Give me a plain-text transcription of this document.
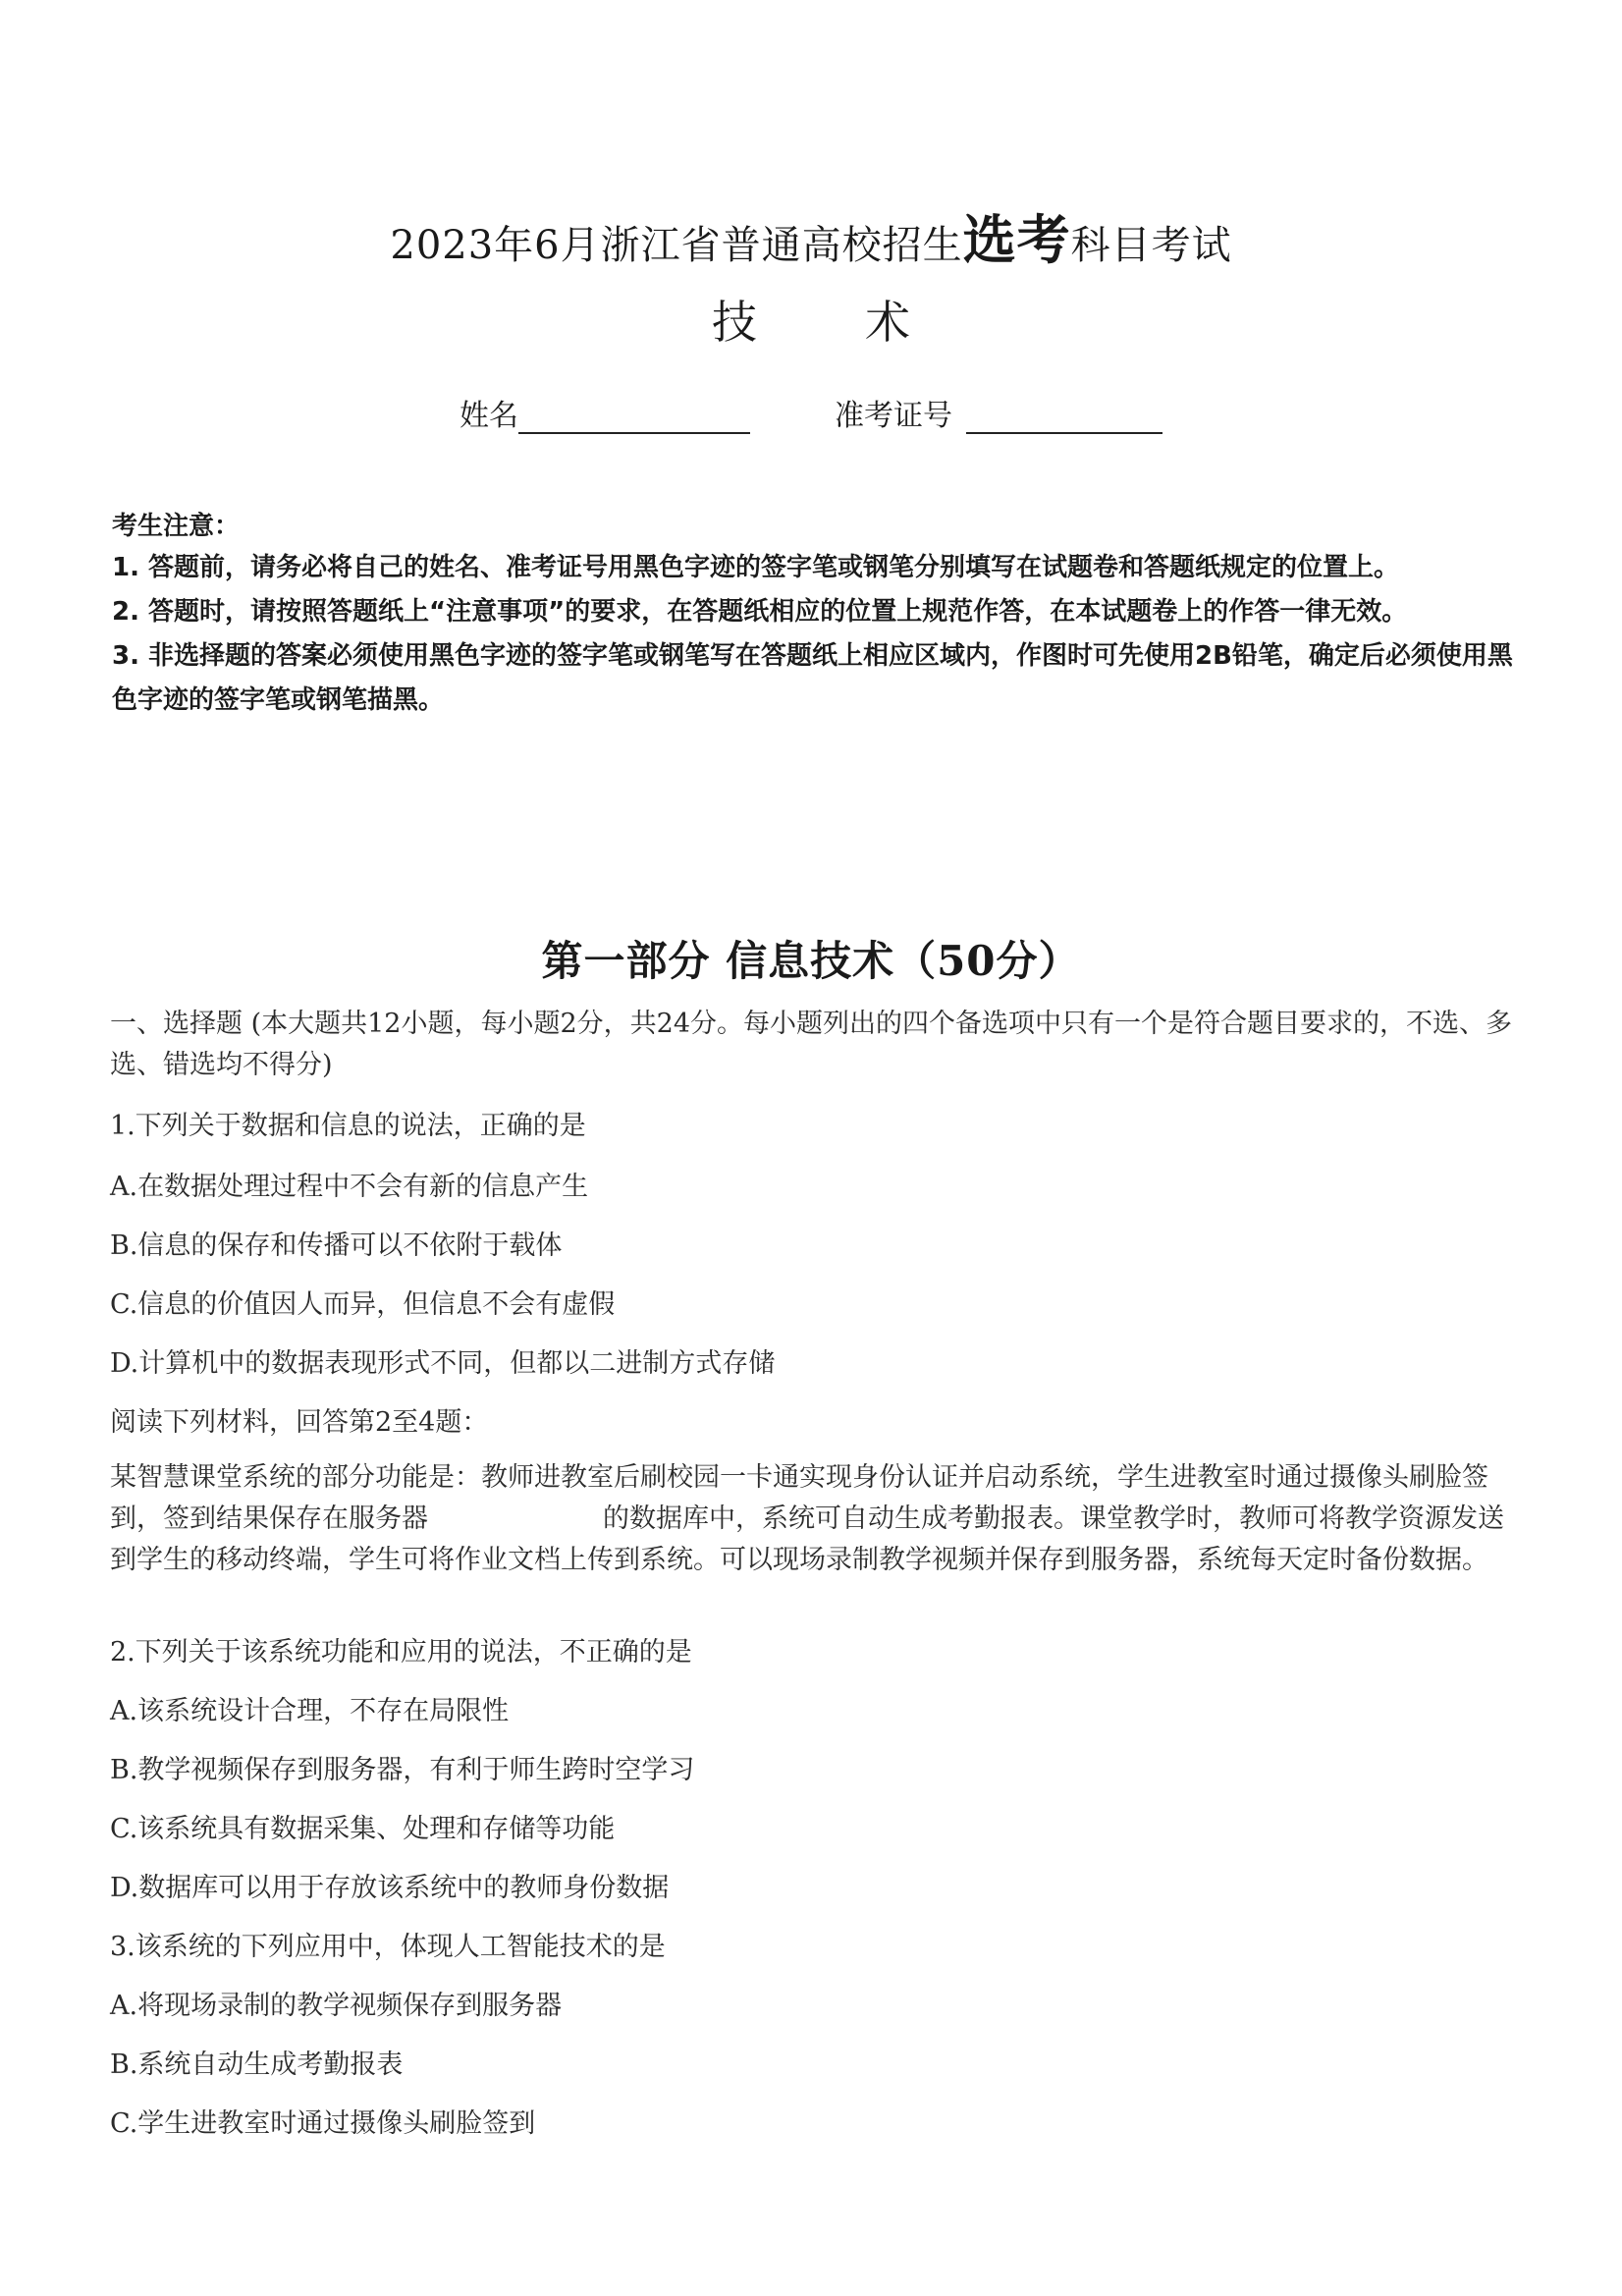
2023年6月浙江省普通高校招生选考科目考试
技 术
姓名	准考证号
考生注意：

1. 答题前，请务必将自己的姓名、准考证号用黑色字迹的签字笔或钢笔分别填写在试题卷和答题纸规定的位置上。

2. 答题时，请按照答题纸上“注意事项”的要求，在答题纸相应的位置上规范作答，在本试题卷上的作答一律无效。

3. 非选择题的答案必须使用黑色字迹的签字笔或钢笔写在答题纸上相应区域内，作图时可先使用2B铅笔，确定后必须使用黑色字迹的签字笔或钢笔描黑。

第一部分 信息技术（50分）
一、选择题 (本大题共12小题，每小题2分，共24分。每小题列出的四个备选项中只有一个是符合题目要求的，不选、多选、错选均不得分)
1.下列关于数据和信息的说法，正确的是
A.在数据处理过程中不会有新的信息产生
B.信息的保存和传播可以不依附于载体
C.信息的价值因人而异，但信息不会有虚假
D.计算机中的数据表现形式不同，但都以二进制方式存储
阅读下列材料，回答第2至4题：
某智慧课堂系统的部分功能是：教师进教室后刷校园一卡通实现身份认证并启动系统，学生进教室时通过摄像头刷脸签到，签到结果保存在服务器	的数据库中，系统可自动生成考勤报表。课堂教学时，教师可将教学资源发送到学生的移动终端，学生可将作业文档上传到系统。可以现场录制教学视频并保存到服务器，系统每天定时备份数据。
2.下列关于该系统功能和应用的说法，不正确的是
A.该系统设计合理，不存在局限性
B.教学视频保存到服务器，有利于师生跨时空学习
C.该系统具有数据采集、处理和存储等功能
D.数据库可以用于存放该系统中的教师身份数据
3.该系统的下列应用中，体现人工智能技术的是
A.将现场录制的教学视频保存到服务器
B.系统自动生成考勤报表
C.学生进教室时通过摄像头刷脸签到
